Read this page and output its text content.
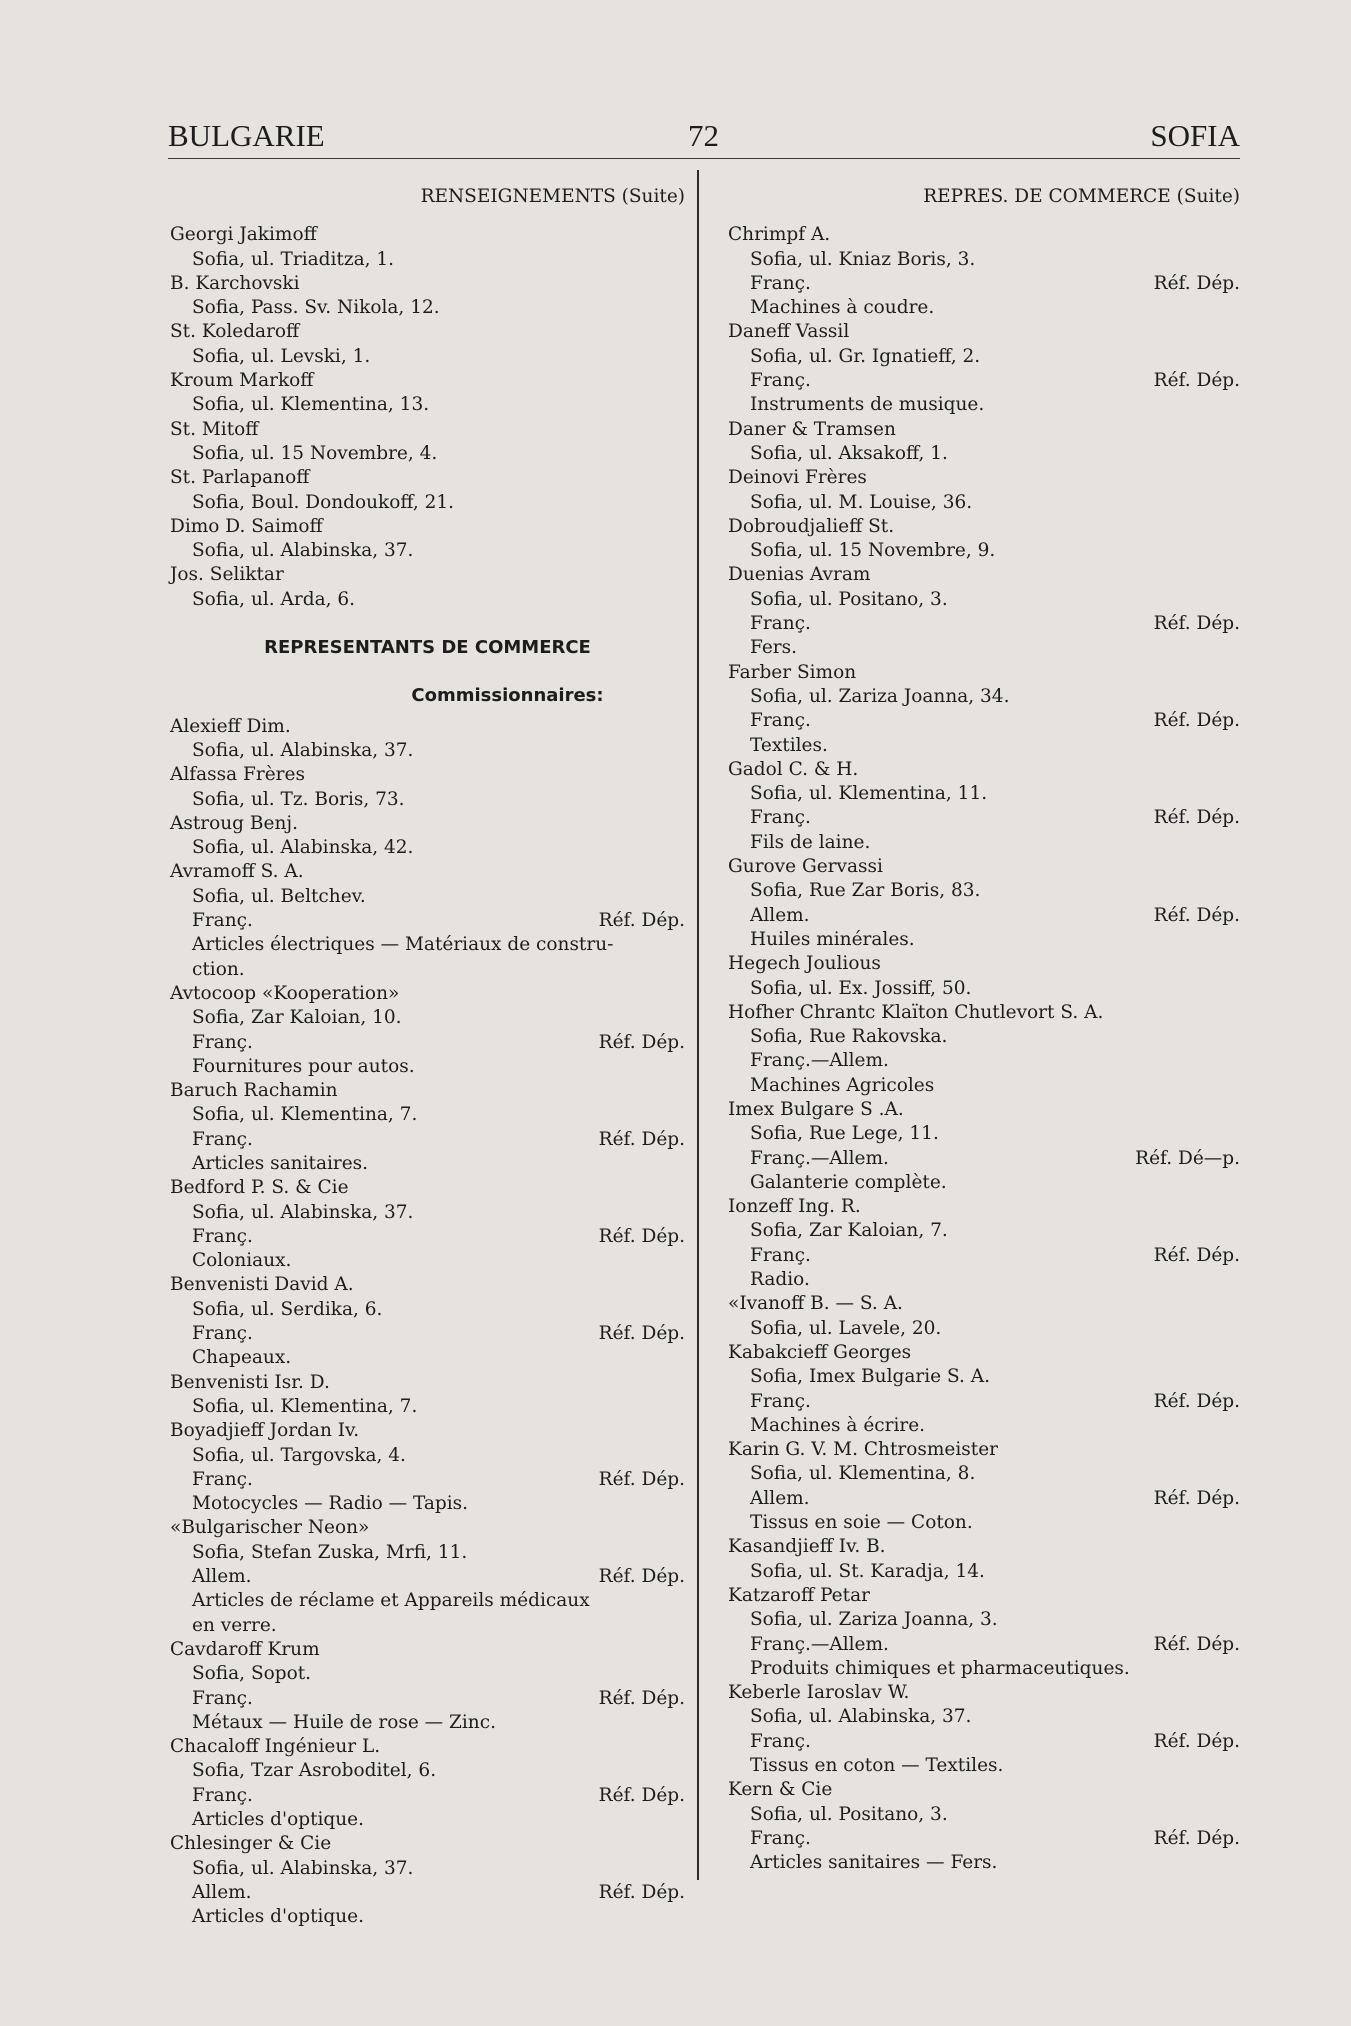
BULGARIE	72	SOFIA
RENSEIGNEMENTS (Suite)
Georgi Jakimoff
Sofia, ul. Triaditza, 1.
B. Karchovski
Sofia, Pass. Sv. Nikola, 12.
St. Koledaroff
Sofia, ul. Levski, 1.
Kroum Markoff
Sofia, ul. Klementina, 13.
St. Mitoff
Sofia, ul. 15 Novembre, 4.
St. Parlapanoff
Sofia, Boul. Dondoukoff, 21.
Dimo D. Saimoff
Sofia, ul. Alabinska, 37.
Jos. Seliktar
Sofia, ul. Arda, 6.
REPRESENTANTS DE COMMERCE
Commissionnaires:
Alexieff Dim.
Sofia, ul. Alabinska, 37.
Alfassa Frères
Sofia, ul. Tz. Boris, 73.
Astroug Benj.
Sofia, ul. Alabinska, 42.
Avramoff S. A.
Sofia, ul. Beltchev.
Franç.	Réf. Dép.
Articles électriques — Matériaux de constru-
ction.
Avtocoop «Kooperation»
Sofia, Zar Kaloian, 10.
Franç.	Réf. Dép.
Fournitures pour autos.
Baruch Rachamin
Sofia, ul. Klementina, 7.
Franç.	Réf. Dép.
Articles sanitaires.
Bedford P. S. & Cie
Sofia, ul. Alabinska, 37.
Franç.	Réf. Dép.
Coloniaux.
Benvenisti David A.
Sofia, ul. Serdika, 6.
Franç.	Réf. Dép.
Chapeaux.
Benvenisti Isr. D.
Sofia, ul. Klementina, 7.
Boyadjieff Jordan Iv.
Sofia, ul. Targovska, 4.
Franç.	Réf. Dép.
Motocycles — Radio — Tapis.
«Bulgarischer Neon»
Sofia, Stefan Zuska, Mrfi, 11.
Allem.	Réf. Dép.
Articles de réclame et Appareils médicaux
en verre.
Cavdaroff Krum
Sofia, Sopot.
Franç.	Réf. Dép.
Métaux — Huile de rose — Zinc.
Chacaloff Ingénieur L.
Sofia, Tzar Asroboditel, 6.
Franç.	Réf. Dép.
Articles d'optique.
Chlesinger & Cie
Sofia, ul. Alabinska, 37.
Allem.	Réf. Dép.
Articles d'optique.
REPRES. DE COMMERCE (Suite)
Chrimpf A.
Sofia, ul. Kniaz Boris, 3.
Franç.	Réf. Dép.
Machines à coudre.
Daneff Vassil
Sofia, ul. Gr. Ignatieff, 2.
Franç.	Réf. Dép.
Instruments de musique.
Daner & Tramsen
Sofia, ul. Aksakoff, 1.
Deinovi Frères
Sofia, ul. M. Louise, 36.
Dobroudjalieff St.
Sofia, ul. 15 Novembre, 9.
Duenias Avram
Sofia, ul. Positano, 3.
Franç.	Réf. Dép.
Fers.
Farber Simon
Sofia, ul. Zariza Joanna, 34.
Franç.	Réf. Dép.
Textiles.
Gadol C. & H.
Sofia, ul. Klementina, 11.
Franç.	Réf. Dép.
Fils de laine.
Gurove Gervassi
Sofia, Rue Zar Boris, 83.
Allem.	Réf. Dép.
Huiles minérales.
Hegech Joulious
Sofia, ul. Ex. Jossiff, 50.
Hofher Chrantc Klaïton Chutlevort S. A.
Sofia, Rue Rakovska.
Franç.—Allem.
Machines Agricoles
Imex Bulgare S .A.
Sofia, Rue Lege, 11.
Franç.—Allem.	Réf. Dé—p.
Galanterie complète.
Ionzeff Ing. R.
Sofia, Zar Kaloian, 7.
Franç.	Réf. Dép.
Radio.
«Ivanoff B. — S. A.
Sofia, ul. Lavele, 20.
Kabakcieff Georges
Sofia, Imex Bulgarie S. A.
Franç.	Réf. Dép.
Machines à écrire.
Karin G. V. M. Chtrosmeister
Sofia, ul. Klementina, 8.
Allem.	Réf. Dép.
Tissus en soie — Coton.
Kasandjieff Iv. B.
Sofia, ul. St. Karadja, 14.
Katzaroff Petar
Sofia, ul. Zariza Joanna, 3.
Franç.—Allem.	Réf. Dép.
Produits chimiques et pharmaceutiques.
Keberle Iaroslav W.
Sofia, ul. Alabinska, 37.
Franç.	Réf. Dép.
Tissus en coton — Textiles.
Kern & Cie
Sofia, ul. Positano, 3.
Franç.	Réf. Dép.
Articles sanitaires — Fers.
